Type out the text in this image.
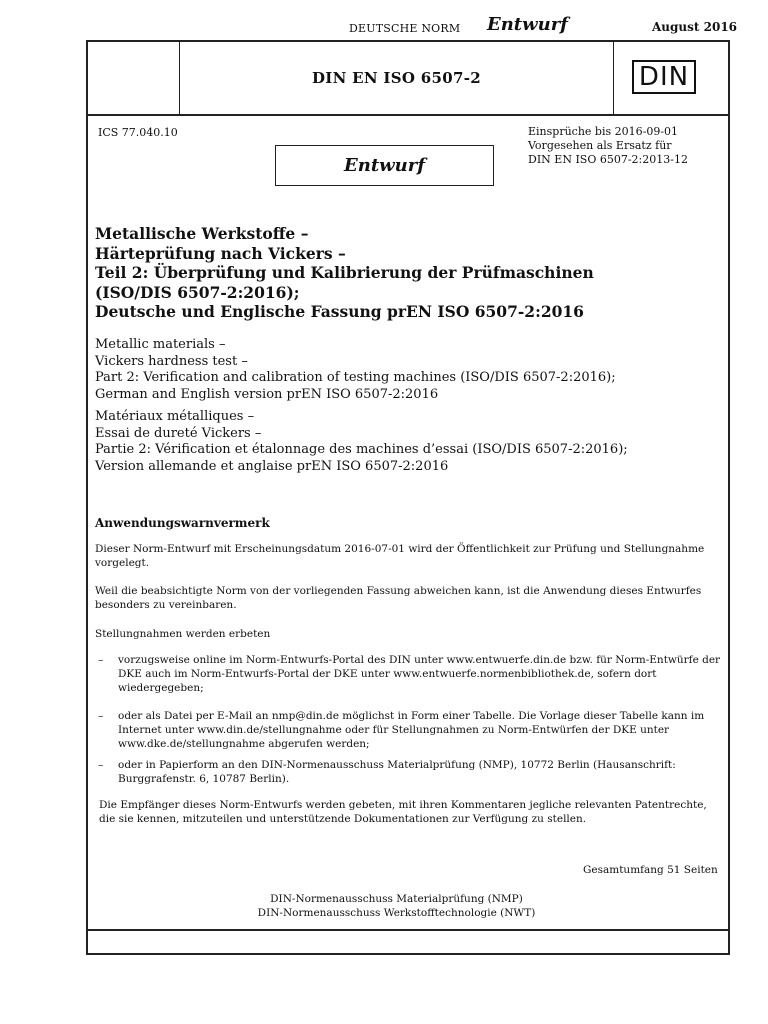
DEUTSCHE NORM Entwurf	August 2016
DIN EN ISO 6507-2	DIN
ICS 77.040.10	Einsprüche bis 2016-09-01
Vorgesehen als Ersatz für
DIN EN ISO 6507-2:2013-12
Entwurf
Metallische Werkstoffe –
Härteprüfung nach Vickers –
Teil 2: Überprüfung und Kalibrierung der Prüfmaschinen
(ISO/DIS 6507-2:2016);
Deutsche und Englische Fassung prEN ISO 6507-2:2016
Metallic materials –
Vickers hardness test –
Part 2: Verification and calibration of testing machines (ISO/DIS 6507-2:2016);
German and English version prEN ISO 6507-2:2016
Matériaux métalliques –
Essai de dureté Vickers –
Partie 2: Vérification et étalonnage des machines d’essai (ISO/DIS 6507-2:2016);
Version allemande et anglaise prEN ISO 6507-2:2016
Anwendungswarnvermerk
Dieser Norm-Entwurf mit Erscheinungsdatum 2016-07-01 wird der Öffentlichkeit zur Prüfung und Stellungnahme vorgelegt.
Weil die beabsichtigte Norm von der vorliegenden Fassung abweichen kann, ist die Anwendung dieses Entwurfes besonders zu vereinbaren.
Stellungnahmen werden erbeten
–	vorzugsweise online im Norm-Entwurfs-Portal des DIN unter www.entwuerfe.din.de bzw. für Norm-Entwürfe der DKE auch im Norm-Entwurfs-Portal der DKE unter www.entwuerfe.normenbibliothek.de, sofern dort wiedergegeben;
–	oder als Datei per E-Mail an nmp@din.de möglichst in Form einer Tabelle. Die Vorlage dieser Tabelle kann im Internet unter www.din.de/stellungnahme oder für Stellungnahmen zu Norm-Entwürfen der DKE unter www.dke.de/stellungnahme abgerufen werden;
–	oder in Papierform an den DIN-Normenausschuss Materialprüfung (NMP), 10772 Berlin (Hausanschrift: Burggrafenstr. 6, 10787 Berlin).
Die Empfänger dieses Norm-Entwurfs werden gebeten, mit ihren Kommentaren jegliche relevanten Patentrechte, die sie kennen, mitzuteilen und unterstützende Dokumentationen zur Verfügung zu stellen.
Gesamtumfang 51 Seiten
DIN-Normenausschuss Materialprüfung (NMP)
DIN-Normenausschuss Werkstofftechnologie (NWT)
